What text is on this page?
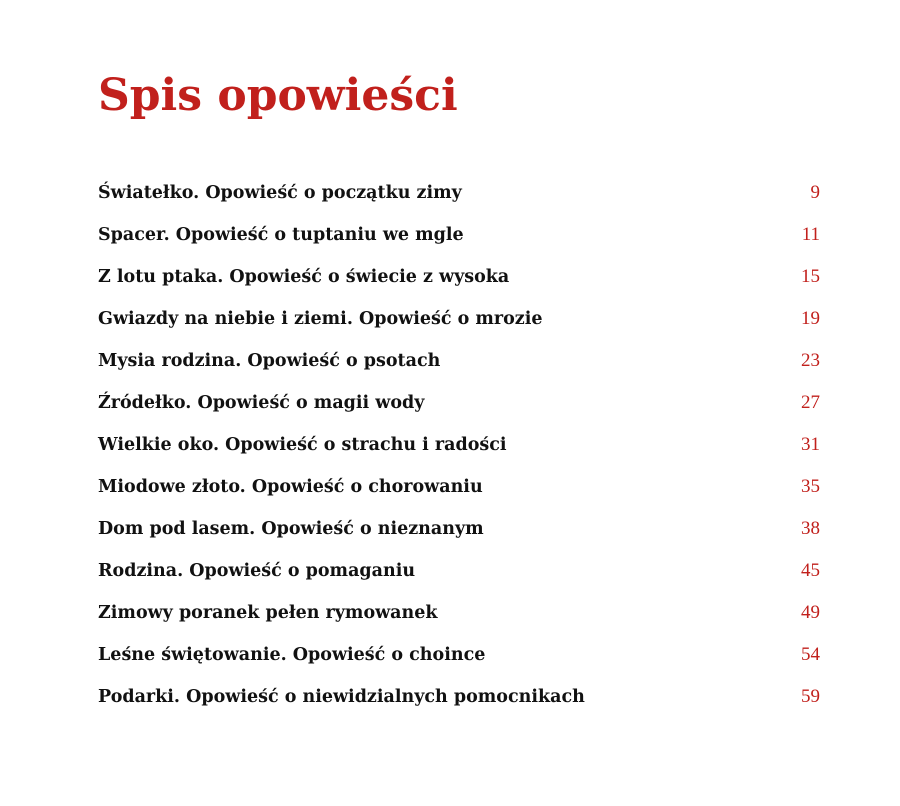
Spis opowieści
Światełko. Opowieść o początku zimy	9
Spacer. Opowieść o tuptaniu we mgle	11
Z lotu ptaka. Opowieść o świecie z wysoka	15
Gwiazdy na niebie i ziemi. Opowieść o mrozie	19
Mysia rodzina. Opowieść o psotach	23
Źródełko. Opowieść o magii wody	27
Wielkie oko. Opowieść o strachu i radości	31
Miodowe złoto. Opowieść o chorowaniu	35
Dom pod lasem. Opowieść o nieznanym	38
Rodzina. Opowieść o pomaganiu	45
Zimowy poranek pełen rymowanek	49
Leśne świętowanie. Opowieść o choince	54
Podarki. Opowieść o niewidzialnych pomocnikach	59
